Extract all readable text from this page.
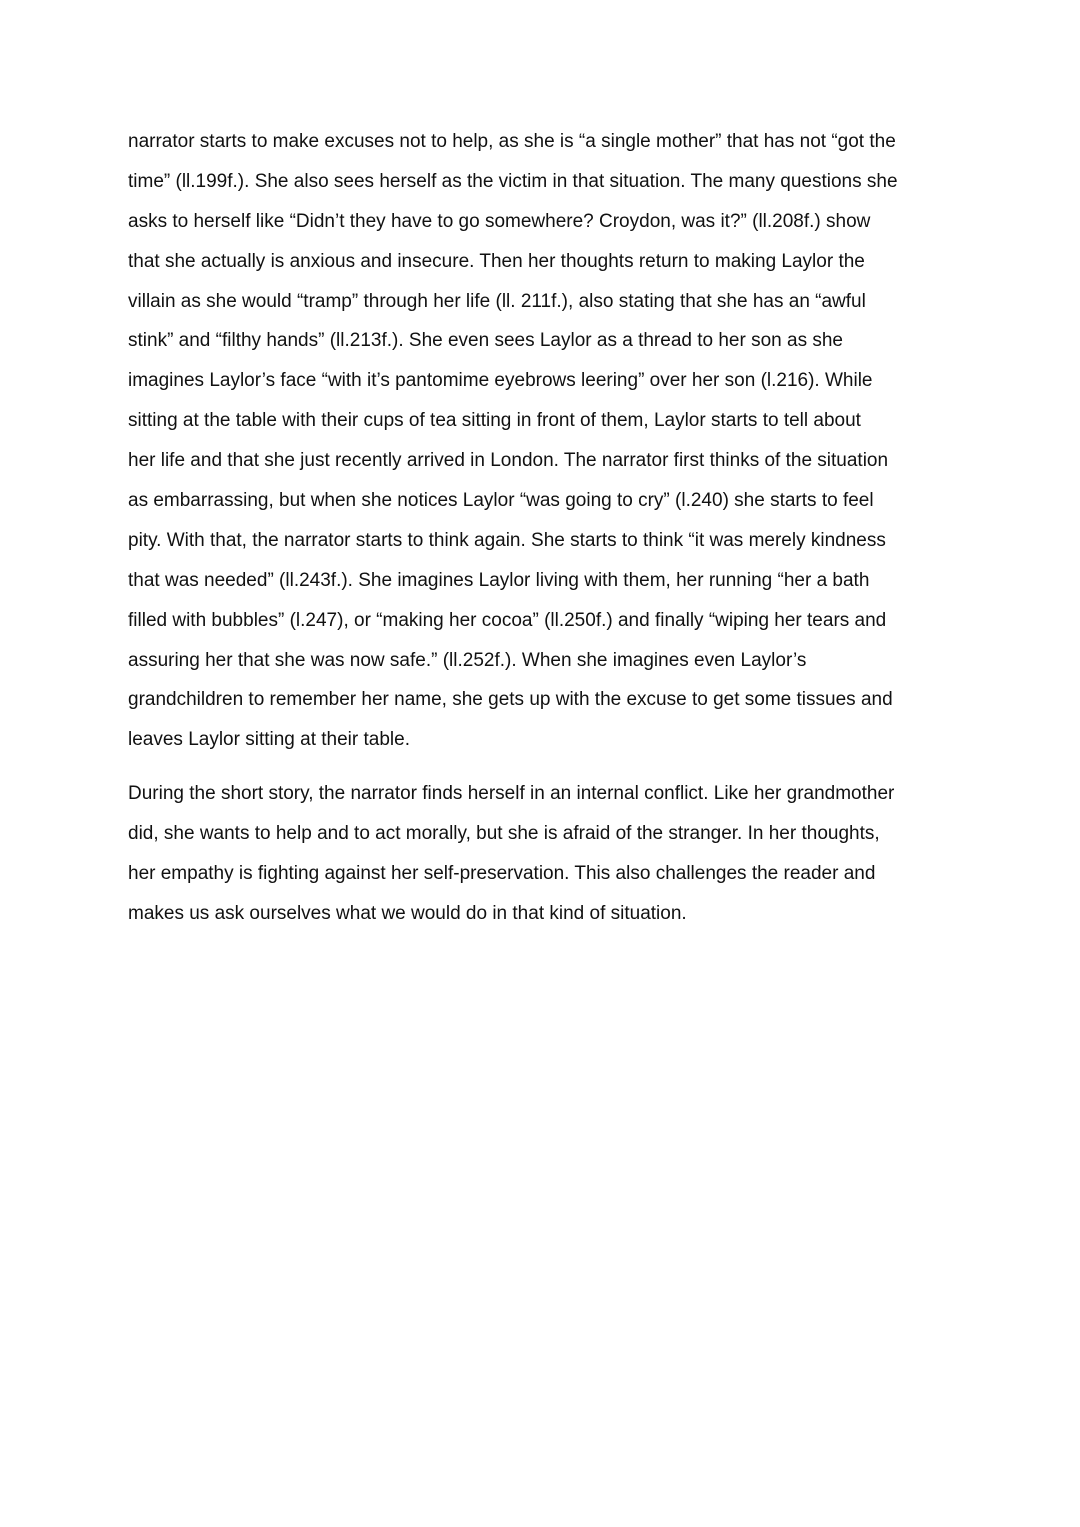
narrator starts to make excuses not to help, as she is “a single mother” that has not “got the
time” (ll.199f.). She also sees herself as the victim in that situation. The many questions she
asks to herself like “Didn’t they have to go somewhere? Croydon, was it?” (ll.208f.) show
that she actually is anxious and insecure. Then her thoughts return to making Laylor the
villain as she would “tramp” through her life (ll. 211f.), also stating that she has an “awful
stink” and “filthy hands” (ll.213f.). She even sees Laylor as a thread to her son as she
imagines Laylor’s face “with it’s pantomime eyebrows leering” over her son (l.216). While
sitting at the table with their cups of tea sitting in front of them, Laylor starts to tell about
her life and that she just recently arrived in London. The narrator first thinks of the situation
as embarrassing, but when she notices Laylor “was going to cry” (l.240) she starts to feel
pity. With that, the narrator starts to think again. She starts to think “it was merely kindness
that was needed” (ll.243f.). She imagines Laylor living with them, her running “her a bath
filled with bubbles” (l.247), or “making her cocoa” (ll.250f.) and finally “wiping her tears and
assuring her that she was now safe.” (ll.252f.). When she imagines even Laylor’s
grandchildren to remember her name, she gets up with the excuse to get some tissues and
leaves Laylor sitting at their table.
During the short story, the narrator finds herself in an internal conflict. Like her grandmother
did, she wants to help and to act morally, but she is afraid of the stranger. In her thoughts,
her empathy is fighting against her self-preservation. This also challenges the reader and
makes us ask ourselves what we would do in that kind of situation.
